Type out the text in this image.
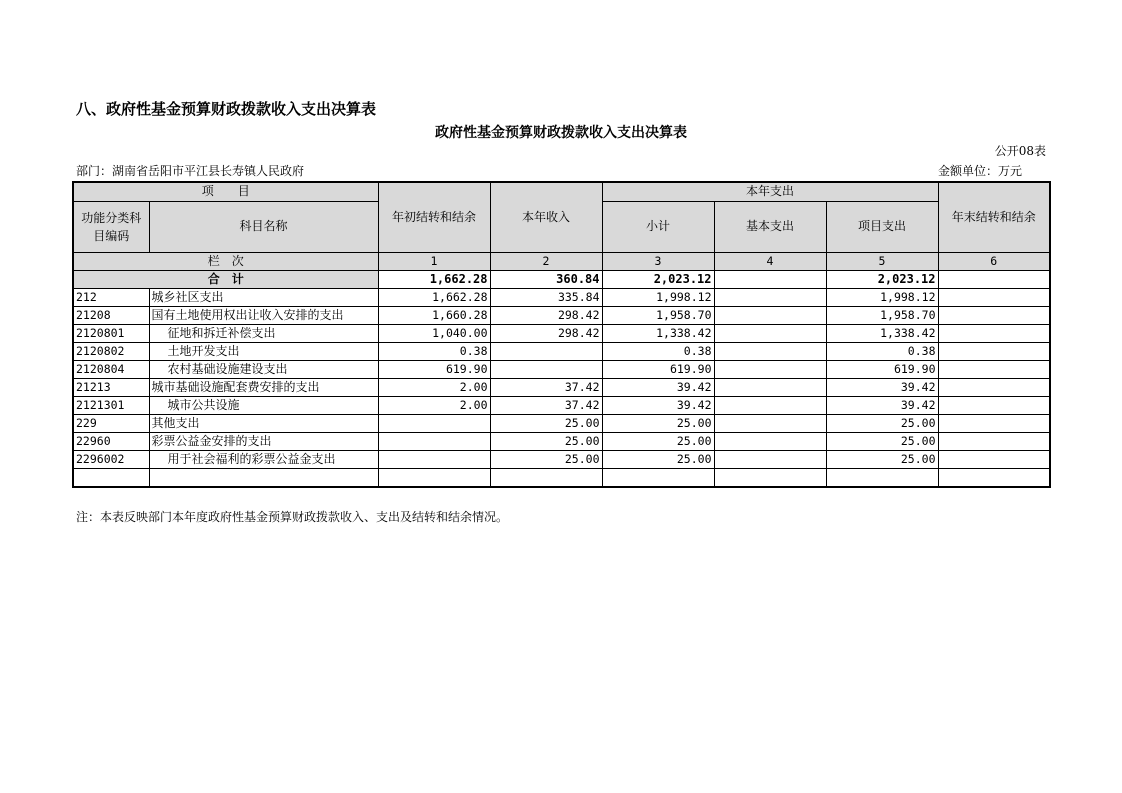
八、政府性基金预算财政拨款收入支出决算表
政府性基金预算财政拨款收入支出决算表
公开08表
部门：湖南省岳阳市平江县长寿镇人民政府	金额单位：万元
项　　目		年初结转和结余	本年收入	本年支出			年末结转和结余
功能分类科目编码	科目名称			小计	基本支出	项目支出	
栏　次		1	2	3	4	5	6
合　计		1,662.28	360.84	2,023.12		2,023.12	
212	城乡社区支出	1,662.28	335.84	1,998.12		1,998.12	
21208	国有土地使用权出让收入安排的支出	1,660.28	298.42	1,958.70		1,958.70	
2120801	征地和拆迁补偿支出	1,040.00	298.42	1,338.42		1,338.42	
2120802	土地开发支出	0.38		0.38		0.38	
2120804	农村基础设施建设支出	619.90		619.90		619.90	
21213	城市基础设施配套费安排的支出	2.00	37.42	39.42		39.42	
2121301	城市公共设施	2.00	37.42	39.42		39.42	
229	其他支出		25.00	25.00		25.00	
22960	彩票公益金安排的支出		25.00	25.00		25.00	
2296002	用于社会福利的彩票公益金支出		25.00	25.00		25.00	

注：本表反映部门本年度政府性基金预算财政拨款收入、支出及结转和结余情况。
